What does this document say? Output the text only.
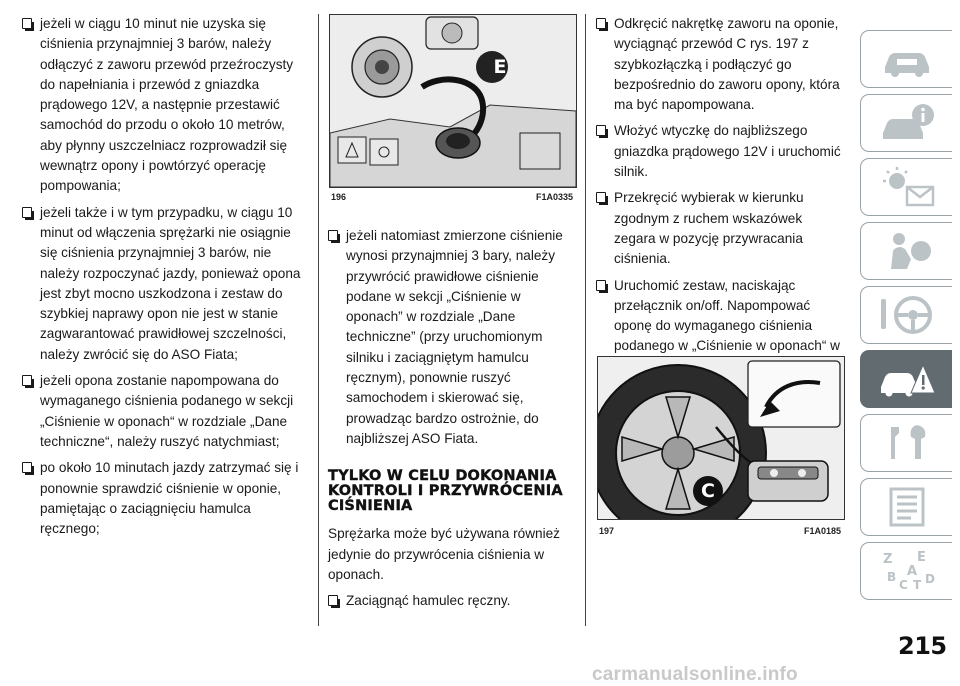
jeżeli w ciągu 10 minut nie uzyska się ciśnienia przynajmniej 3 barów, należy odłączyć z zaworu przewód przeźroczysty do napełniania i przewód z gniazdka prądowego 12V, a następnie przestawić samochód do przodu o około 10 metrów, aby płynny uszczelniacz rozprowadził się wewnątrz opony i powtórzyć operację pompowania;
jeżeli także i w tym przypadku, w ciągu 10 minut od włączenia sprężarki nie osiągnie się ciśnienia przynajmniej 3 barów, nie należy rozpoczynać jazdy, ponieważ opona jest zbyt mocno uszkodzona i zestaw do szybkiej naprawy opon nie jest w stanie zagwarantować prawidłowej szczelności, należy zwrócić się do ASO Fiata;
jeżeli opona zostanie napompowana do wymaganego ciśnienia podanego w sekcji „Ciśnienie w oponach“ w rozdziale „Dane techniczne“, należy ruszyć natychmiast;
po około 10 minutach jazdy zatrzymać się i ponownie sprawdzić ciśnienie w oponie, pamiętając o zaciągnięciu hamulca ręcznego;
E
196	F1A0335
jeżeli natomiast zmierzone ciśnienie wynosi przynajmniej 3 bary, należy przywrócić prawidłowe ciśnienie podane w sekcji „Ciśnienie w oponach” w rozdziale „Dane techniczne” (przy uruchomionym silniku i zaciągniętym hamulcu ręcznym), ponownie ruszyć samochodem i skierować się, prowadząc bardzo ostrożnie, do najbliższej ASO Fiata.
TYLKO W CELU DOKONANIA KONTROLI I PRZYWRÓCENIA CIŚNIENIA
Sprężarka może być używana również jedynie do przywrócenia ciśnienia w oponach.
Zaciągnąć hamulec ręczny.
Odkręcić nakrętkę zaworu na oponie, wyciągnąć przewód C rys. 197 z szybkozłączką i podłączyć go bezpośrednio do zaworu opony, która ma być napompowana.
Włożyć wtyczkę do najbliższego gniazdka prądowego 12V i uruchomić silnik.
Przekręcić wybierak w kierunku zgodnym z ruchem wskazówek zegara w pozycję przywracania ciśnienia.
Uruchomić zestaw, naciskając przełącznik on/off. Napompować oponę do wymaganego ciśnienia podanego w „Ciśnienie w oponach“ w
C
197	F1A0185
Z E
A
B
C T D
215
carmanualsonline.info
